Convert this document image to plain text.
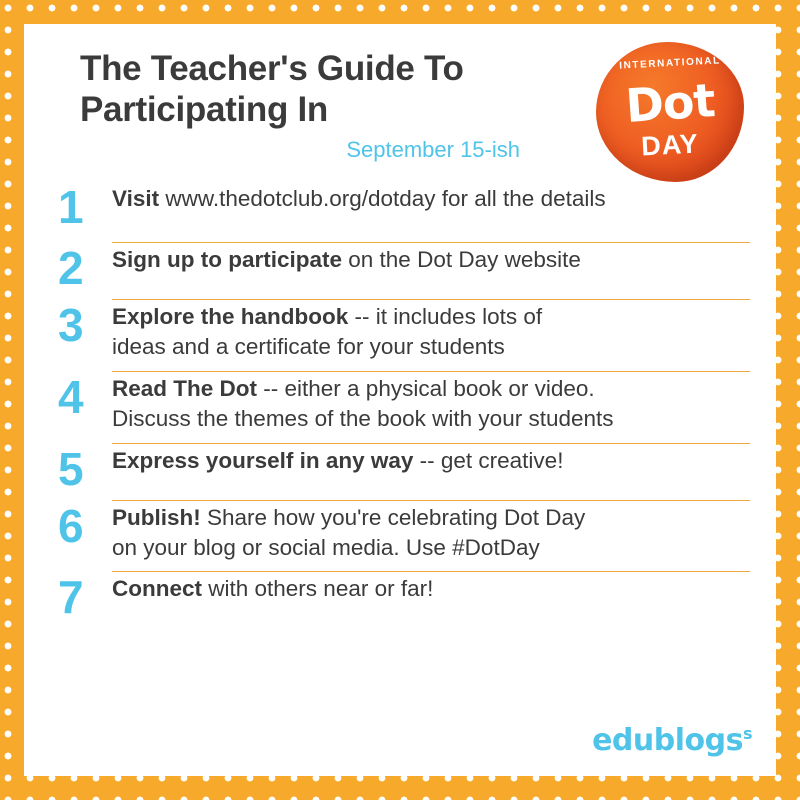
The Teacher's Guide To Participating In
September 15-ish
INTERNATIONAL
Dot
DAY
1	Visit www.thedotclub.org/dotday for all the details
2	Sign up to participate on the Dot Day website
3	Explore the handbook -- it includes lots of
ideas and a certificate for your students
4	Read The Dot -- either a physical book or video.
Discuss the themes of the book with your students
5	Express yourself in any way -- get creative!
6	Publish! Share how you're celebrating Dot Day
on your blog or social media. Use #DotDay
7	Connect with others near or far!
edublogs$^s$
